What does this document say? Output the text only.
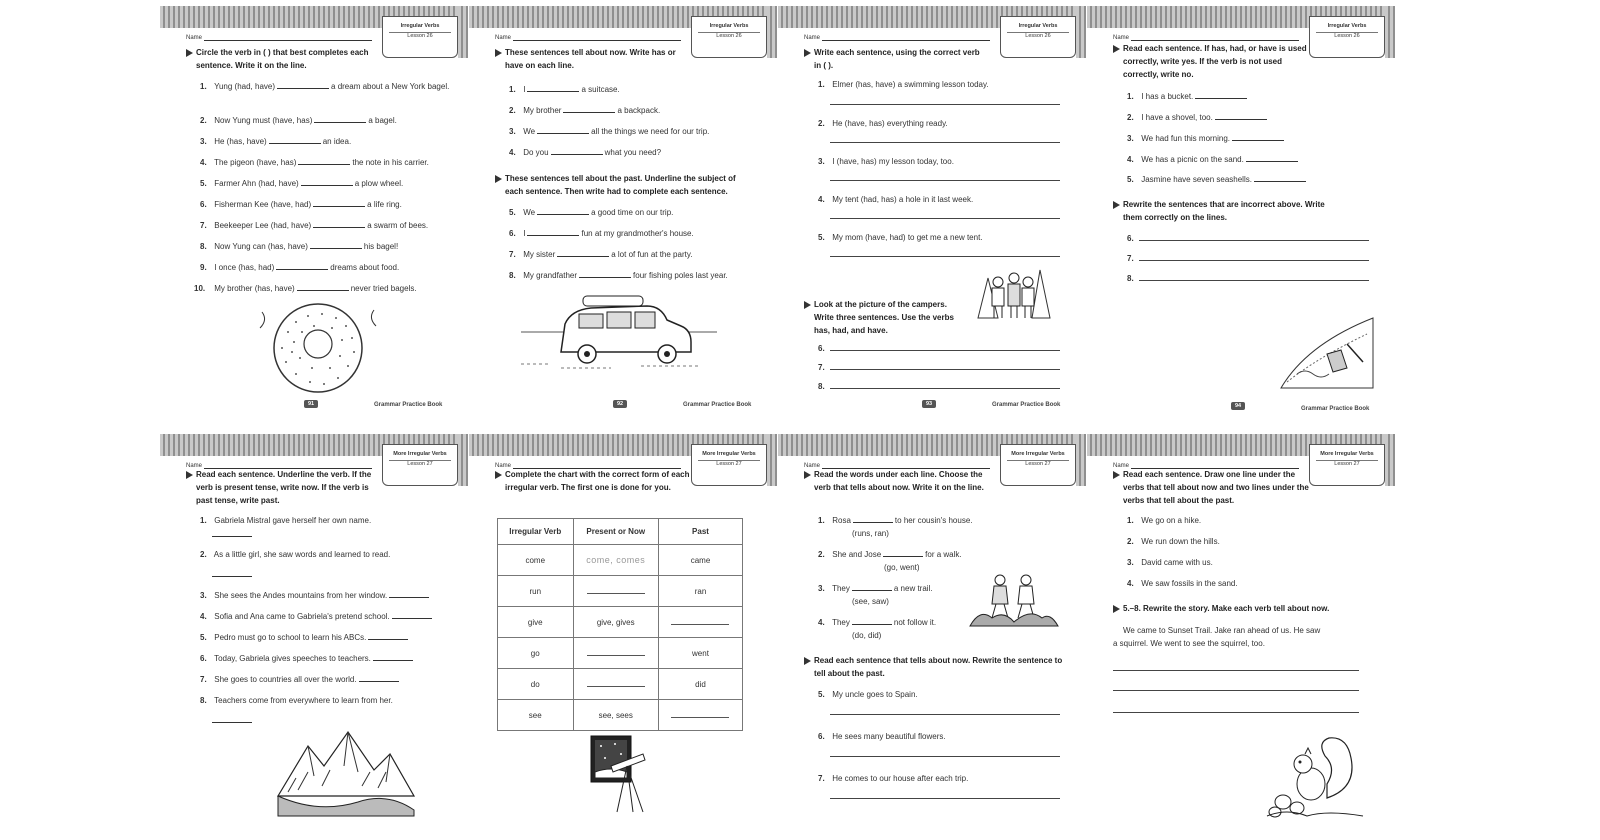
Irregular Verbs
Lesson 26
Name
Circle the verb in ( ) that best completes each sentence. Write it on the line.
1. Yung (had, have)	a dream about a New York bagel.
2. Now Yung must (have, has)	a bagel.
3. He (has, have)	an idea.
4. The pigeon (have, has)	the note in his carrier.
5. Farmer Ahn (had, have)	a plow wheel.
6. Fisherman Kee (have, had)	a life ring.
7. Beekeeper Lee (had, have)	a swarm of bees.
8. Now Yung can (has, have)	his bagel!
9. I once (has, had)	dreams about food.
10. My brother (has, have)	never tried bagels.
91	Grammar Practice Book
Irregular Verbs
Lesson 26
Name
These sentences tell about now. Write has or have on each line.
1. I	a suitcase.
2. My brother	a backpack.
3. We	all the things we need for our trip.
4. Do you	what you need?
These sentences tell about the past. Underline the subject of each sentence. Then write had to complete each sentence.
5. We	a good time on our trip.
6. I	fun at my grandmother's house.
7. My sister	a lot of fun at the party.
8. My grandfather	four fishing poles last year.
92	Grammar Practice Book
Irregular Verbs
Lesson 26
Name
Write each sentence, using the correct verb in ( ).
1. Elmer (has, have) a swimming lesson today.
2. He (have, has) everything ready.
3. I (have, has) my lesson today, too.
4. My tent (had, has) a hole in it last week.
5. My mom (have, had) to get me a new tent.
Look at the picture of the campers. Write three sentences. Use the verbs has, had, and have.
6.
7.
8.
93	Grammar Practice Book
Irregular Verbs
Lesson 26
Name
Read each sentence. If has, had, or have is used correctly, write yes. If the verb is not used correctly, write no.
1. I has a bucket.
2. I have a shovel, too.
3. We had fun this morning.
4. We has a picnic on the sand.
5. Jasmine have seven seashells.
Rewrite the sentences that are incorrect above. Write them correctly on the lines.
6.
7.
8.
94	Grammar Practice Book
More Irregular Verbs
Lesson 27
Name
Read each sentence. Underline the verb. If the verb is present tense, write now. If the verb is past tense, write past.
1. Gabriela Mistral gave herself her own name.
2. As a little girl, she saw words and learned to read.
3. She sees the Andes mountains from her window.
4. Sofia and Ana came to Gabriela's pretend school.
5. Pedro must go to school to learn his ABCs.
6. Today, Gabriela gives speeches to teachers.
7. She goes to countries all over the world.
8. Teachers come from everywhere to learn from her.
More Irregular Verbs
Lesson 27
Name
Complete the chart with the correct form of each irregular verb. The first one is done for you.
Irregular Verb	Present or Now	Past
come	come, comes	came
run		ran
give	give, gives	
go		went
do		did
see	see, sees	
More Irregular Verbs
Lesson 27
Name
Read the words under each line. Choose the verb that tells about now. Write it on the line.
1. Rosa	to her cousin's house.
(runs, ran)
2. She and Jose	for a walk.
(go, went)
3. They	a new trail.
(see, saw)
4. They	not follow it.
(do, did)
Read each sentence that tells about now. Rewrite the sentence to tell about the past.
5. My uncle goes to Spain.
6. He sees many beautiful flowers.
7. He comes to our house after each trip.
More Irregular Verbs
Lesson 27
Name
Read each sentence. Draw one line under the verbs that tell about now and two lines under the verbs that tell about the past.
1. We go on a hike.
2. We run down the hills.
3. David came with us.
4. We saw fossils in the sand.
5.–8. Rewrite the story. Make each verb tell about now.
We came to Sunset Trail. Jake ran ahead of us. He saw a squirrel. We went to see the squirrel, too.
